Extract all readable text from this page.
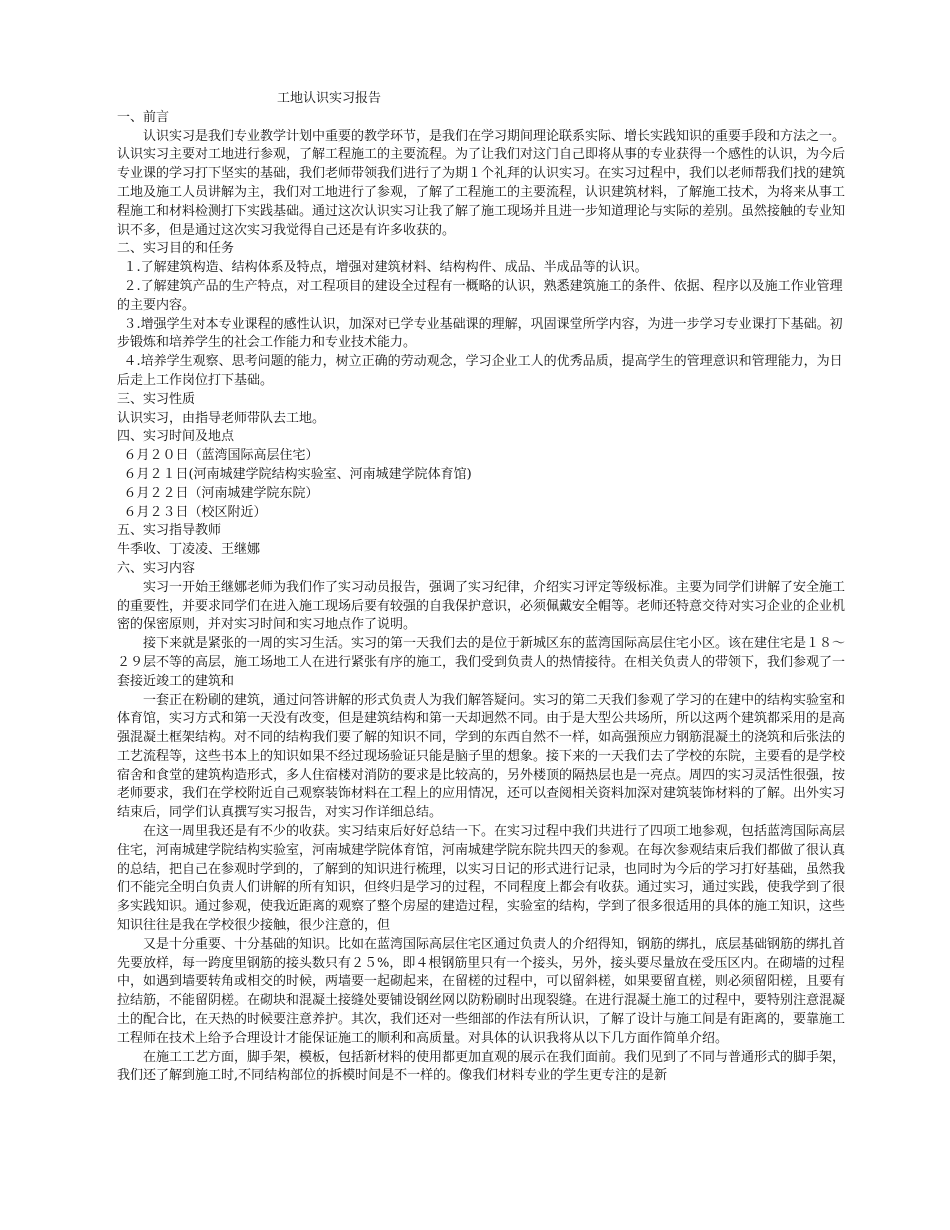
工地认识实习报告
一、前言
认识实习是我们专业教学计划中重要的教学环节，是我们在学习期间理论联系实际、增长实践知识的重要手段和方法之一。认识实习主要对工地进行参观，了解工程施工的主要流程。为了让我们对这门自己即将从事的专业获得一个感性的认识，为今后专业课的学习打下坚实的基础，我们老师带领我们进行了为期１个礼拜的认识实习。在实习过程中，我们以老师帮我们找的建筑工地及施工人员讲解为主，我们对工地进行了参观，了解了工程施工的主要流程，认识建筑材料，了解施工技术，为将来从事工程施工和材料检测打下实践基础。通过这次认识实习让我了解了施工现场并且进一步知道理论与实际的差别。虽然接触的专业知识不多，但是通过这次实习我觉得自己还是有许多收获的。
二、实习目的和任务
１.了解建筑构造、结构体系及特点，增强对建筑材料、结构构件、成品、半成品等的认识。
２.了解建筑产品的生产特点，对工程项目的建设全过程有一概略的认识，熟悉建筑施工的条件、依据、程序以及施工作业管理的主要内容。
３.增强学生对本专业课程的感性认识，加深对已学专业基础课的理解，巩固课堂所学内容，为进一步学习专业课打下基础。初步锻炼和培养学生的社会工作能力和专业技术能力。
４.培养学生观察、思考问题的能力，树立正确的劳动观念，学习企业工人的优秀品质，提高学生的管理意识和管理能力，为日后走上工作岗位打下基础。
三、实习性质
认识实习，由指导老师带队去工地。
四、实习时间及地点
６月２０日（蓝湾国际高层住宅）
６月２１日(河南城建学院结构实验室、河南城建学院体育馆)
６月２２日（河南城建学院东院）
６月２３日（校区附近）
五、实习指导教师
牛季收、丁凌凌、王继娜
六、实习内容
实习一开始王继娜老师为我们作了实习动员报告，强调了实习纪律，介绍实习评定等级标准。主要为同学们讲解了安全施工的重要性，并要求同学们在进入施工现场后要有较强的自我保护意识，必须佩戴安全帽等。老师还特意交待对实习企业的企业机密的保密原则，并对实习时间和实习地点作了说明。
接下来就是紧张的一周的实习生活。实习的第一天我们去的是位于新城区东的蓝湾国际高层住宅小区。该在建住宅是１８～２９层不等的高层，施工场地工人在进行紧张有序的施工，我们受到负责人的热情接待。在相关负责人的带领下，我们参观了一套接近竣工的建筑和
一套正在粉刷的建筑，通过问答讲解的形式负责人为我们解答疑问。实习的第二天我们参观了学习的在建中的结构实验室和体育馆，实习方式和第一天没有改变，但是建筑结构和第一天却迥然不同。由于是大型公共场所，所以这两个建筑都采用的是高强混凝土框架结构。对不同的结构我们要了解的知识不同，学到的东西自然不一样，如高强预应力钢筋混凝土的浇筑和后张法的工艺流程等，这些书本上的知识如果不经过现场验证只能是脑子里的想象。接下来的一天我们去了学校的东院，主要看的是学校宿舍和食堂的建筑构造形式，多人住宿楼对消防的要求是比较高的，另外楼顶的隔热层也是一亮点。周四的实习灵活性很强，按老师要求，我们在学校附近自己观察装饰材料在工程上的应用情况，还可以查阅相关资料加深对建筑装饰材料的了解。出外实习结束后，同学们认真撰写实习报告，对实习作详细总结。
在这一周里我还是有不少的收获。实习结束后好好总结一下。在实习过程中我们共进行了四项工地参观，包括蓝湾国际高层住宅，河南城建学院结构实验室，河南城建学院体育馆，河南城建学院东院共四天的参观。在每次参观结束后我们都做了很认真的总结，把自己在参观时学到的，了解到的知识进行梳理，以实习日记的形式进行记录，也同时为今后的学习打好基础，虽然我们不能完全明白负责人们讲解的所有知识，但终归是学习的过程，不同程度上都会有收获。通过实习，通过实践，使我学到了很多实践知识。通过参观，使我近距离的观察了整个房屋的建造过程，实验室的结构，学到了很多很适用的具体的施工知识，这些知识往往是我在学校很少接触，很少注意的，但
又是十分重要、十分基础的知识。比如在蓝湾国际高层住宅区通过负责人的介绍得知，钢筋的绑扎，底层基础钢筋的绑扎首先要放样，每一跨度里钢筋的接头数只有２５%，即４根钢筋里只有一个接头，另外，接头要尽量放在受压区内。在砌墙的过程中，如遇到墙要转角或相交的时候，两墙要一起砌起来，在留槎的过程中，可以留斜槎，如果要留直槎，则必须留阳槎，且要有拉结筋，不能留阴槎。在砌块和混凝土接缝处要铺设钢丝网以防粉刷时出现裂缝。在进行混凝土施工的过程中，要特别注意混凝土的配合比，在天热的时候要注意养护。其次，我们还对一些细部的作法有所认识，了解了设计与施工间是有距离的，要靠施工工程师在技术上给予合理设计才能保证施工的顺利和高质量。对具体的认识我将从以下几方面作简单介绍。
在施工工艺方面，脚手架，模板，包括新材料的使用都更加直观的展示在我们面前。我们见到了不同与普通形式的脚手架，我们还了解到施工时,不同结构部位的拆模时间是不一样的。像我们材料专业的学生更专注的是新
